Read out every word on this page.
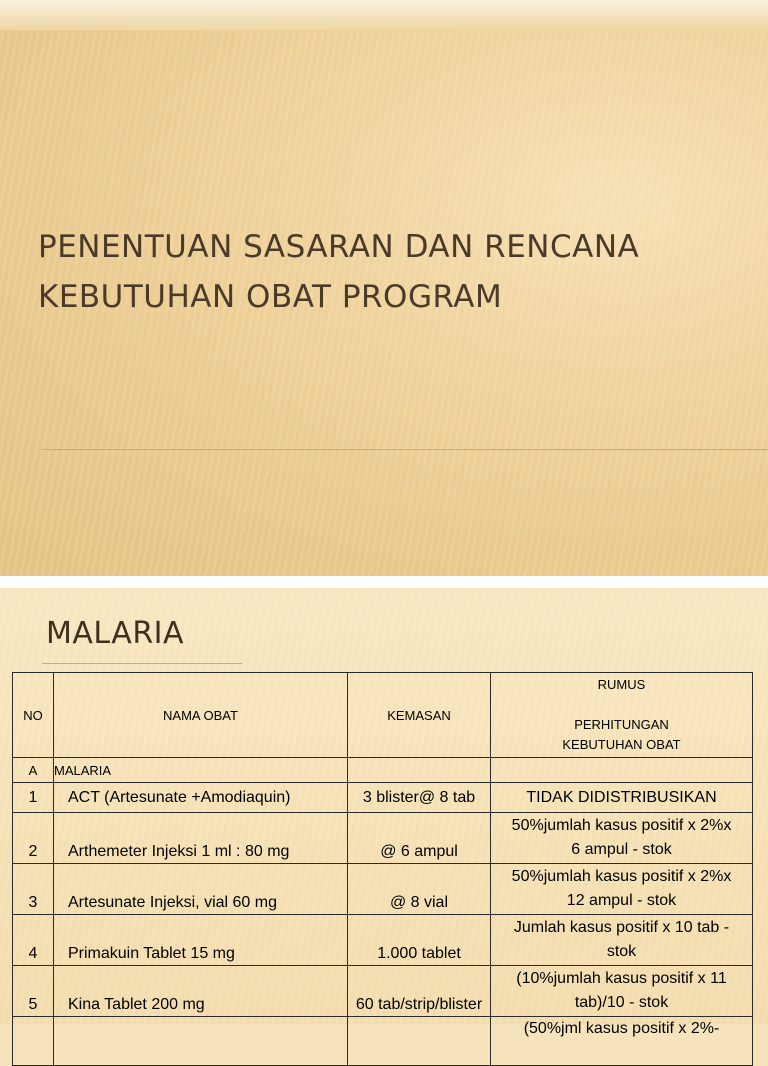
PENENTUAN SASARAN DAN RENCANA
KEBUTUHAN OBAT PROGRAM
MALARIA
NO	NAMA OBAT	KEMASAN	RUMUS

PERHITUNGAN
KEBUTUHAN OBAT
A	MALARIA		
1	ACT (Artesunate +Amodiaquin)	3 blister@ 8 tab	TIDAK DIDISTRIBUSIKAN
2	Arthemeter Injeksi 1 ml : 80 mg	@ 6 ampul	50%jumlah kasus positif x 2%x
6 ampul - stok
3	Artesunate Injeksi, vial 60 mg	@ 8 vial	50%jumlah kasus positif x 2%x
12 ampul - stok
4	Primakuin Tablet 15 mg	1.000 tablet	Jumlah kasus positif x 10 tab -
stok
5	Kina Tablet 200 mg	60 tab/strip/blister	(10%jumlah kasus positif x 11
tab)/10 - stok
			(50%jml kasus positif x 2%-
